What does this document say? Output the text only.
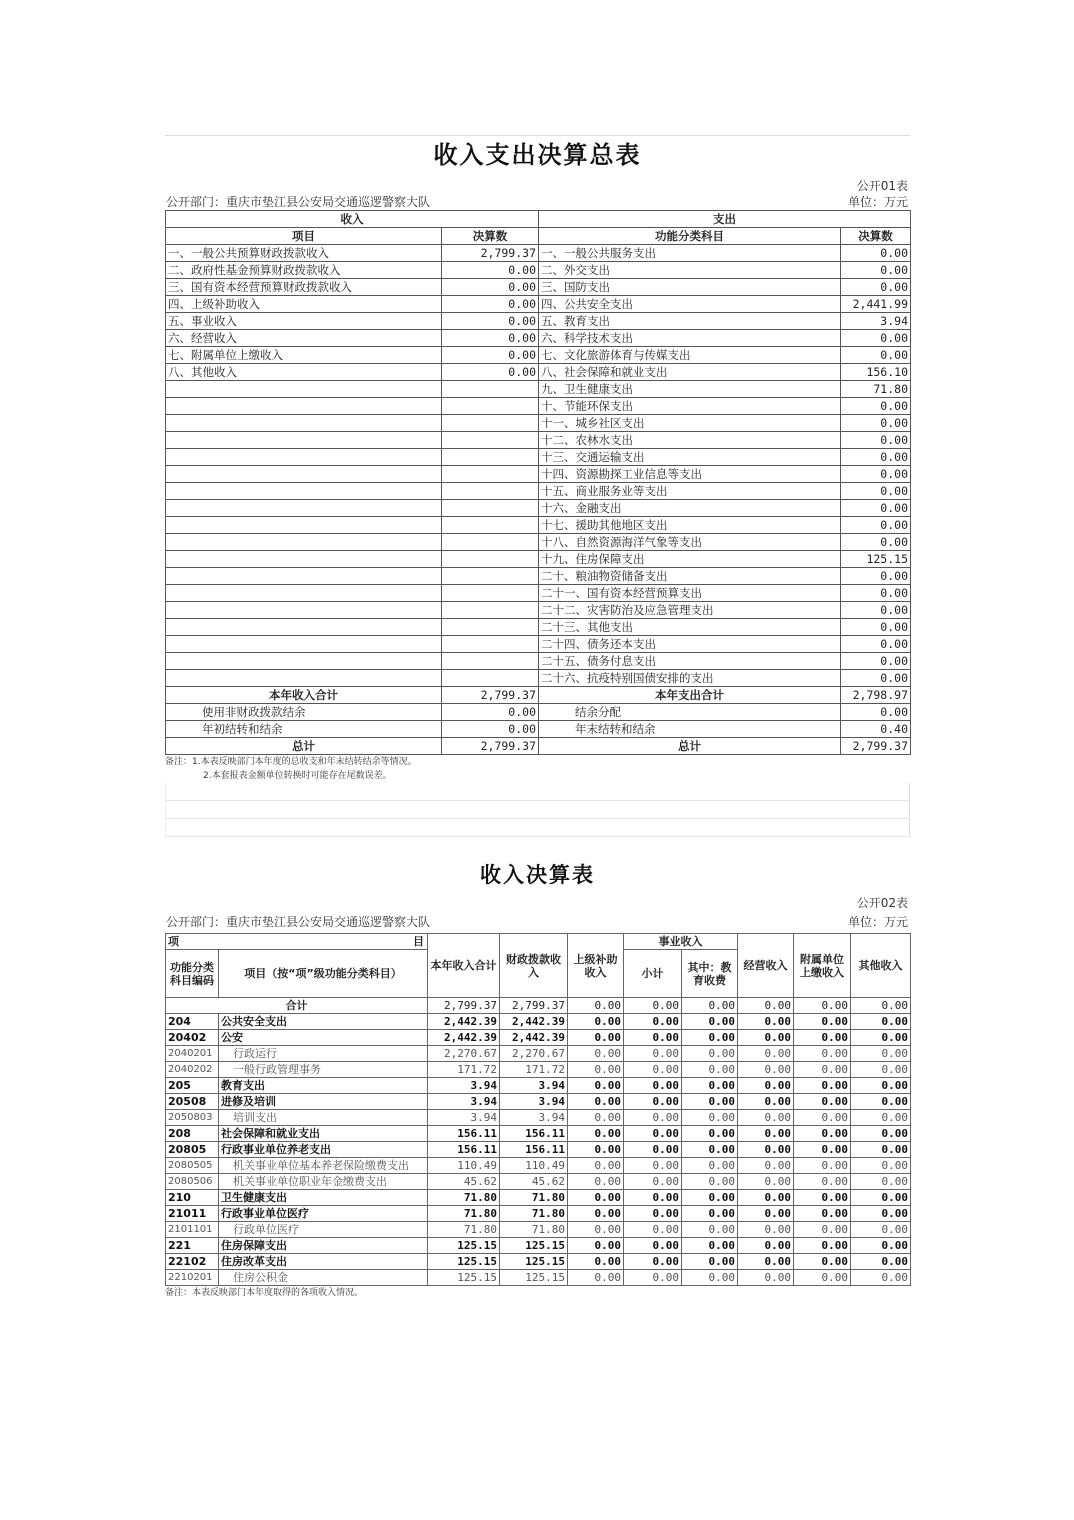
收入支出决算总表
公开01表
公开部门：重庆市垫江县公安局交通巡逻警察大队	单位：万元
收入		支出	
项目	决算数	功能分类科目	决算数
一、一般公共预算财政拨款收入	2,799.37	一、一般公共服务支出	0.00
二、政府性基金预算财政拨款收入	0.00	二、外交支出	0.00
三、国有资本经营预算财政拨款收入	0.00	三、国防支出	0.00
四、上级补助收入	0.00	四、公共安全支出	2,441.99
五、事业收入	0.00	五、教育支出	3.94
六、经营收入	0.00	六、科学技术支出	0.00
七、附属单位上缴收入	0.00	七、文化旅游体育与传媒支出	0.00
八、其他收入	0.00	八、社会保障和就业支出	156.10
		九、卫生健康支出	71.80
		十、节能环保支出	0.00
		十一、城乡社区支出	0.00
		十二、农林水支出	0.00
		十三、交通运输支出	0.00
		十四、资源勘探工业信息等支出	0.00
		十五、商业服务业等支出	0.00
		十六、金融支出	0.00
		十七、援助其他地区支出	0.00
		十八、自然资源海洋气象等支出	0.00
		十九、住房保障支出	125.15
		二十、粮油物资储备支出	0.00
		二十一、国有资本经营预算支出	0.00
		二十二、灾害防治及应急管理支出	0.00
		二十三、其他支出	0.00
		二十四、债务还本支出	0.00
		二十五、债务付息支出	0.00
		二十六、抗疫特别国债安排的支出	0.00
本年收入合计	2,799.37	本年支出合计	2,798.97
使用非财政拨款结余	0.00	结余分配	0.00
年初结转和结余	0.00	年末结转和结余	0.40
总计	2,799.37	总计	2,799.37
备注：1.本表反映部门本年度的总收支和年末结转结余等情况。
2.本套报表金额单位转换时可能存在尾数误差。
收入决算表
公开02表
公开部门：重庆市垫江县公安局交通巡逻警察大队	单位：万元
项 目		本年收入合计	财政拨款收入	上级补助收入	事业收入		经营收入	附属单位上缴收入	其他收入
功能分类科目编码	项目（按“项”级功能分类科目）				小计	其中：教育收费			
合计		2,799.37	2,799.37	0.00	0.00	0.00	0.00	0.00	0.00
204	公共安全支出	2,442.39	2,442.39	0.00	0.00	0.00	0.00	0.00	0.00
20402	公安	2,442.39	2,442.39	0.00	0.00	0.00	0.00	0.00	0.00
2040201	行政运行	2,270.67	2,270.67	0.00	0.00	0.00	0.00	0.00	0.00
2040202	一般行政管理事务	171.72	171.72	0.00	0.00	0.00	0.00	0.00	0.00
205	教育支出	3.94	3.94	0.00	0.00	0.00	0.00	0.00	0.00
20508	进修及培训	3.94	3.94	0.00	0.00	0.00	0.00	0.00	0.00
2050803	培训支出	3.94	3.94	0.00	0.00	0.00	0.00	0.00	0.00
208	社会保障和就业支出	156.11	156.11	0.00	0.00	0.00	0.00	0.00	0.00
20805	行政事业单位养老支出	156.11	156.11	0.00	0.00	0.00	0.00	0.00	0.00
2080505	机关事业单位基本养老保险缴费支出	110.49	110.49	0.00	0.00	0.00	0.00	0.00	0.00
2080506	机关事业单位职业年金缴费支出	45.62	45.62	0.00	0.00	0.00	0.00	0.00	0.00
210	卫生健康支出	71.80	71.80	0.00	0.00	0.00	0.00	0.00	0.00
21011	行政事业单位医疗	71.80	71.80	0.00	0.00	0.00	0.00	0.00	0.00
2101101	行政单位医疗	71.80	71.80	0.00	0.00	0.00	0.00	0.00	0.00
221	住房保障支出	125.15	125.15	0.00	0.00	0.00	0.00	0.00	0.00
22102	住房改革支出	125.15	125.15	0.00	0.00	0.00	0.00	0.00	0.00
2210201	住房公积金	125.15	125.15	0.00	0.00	0.00	0.00	0.00	0.00
备注：本表反映部门本年度取得的各项收入情况。
